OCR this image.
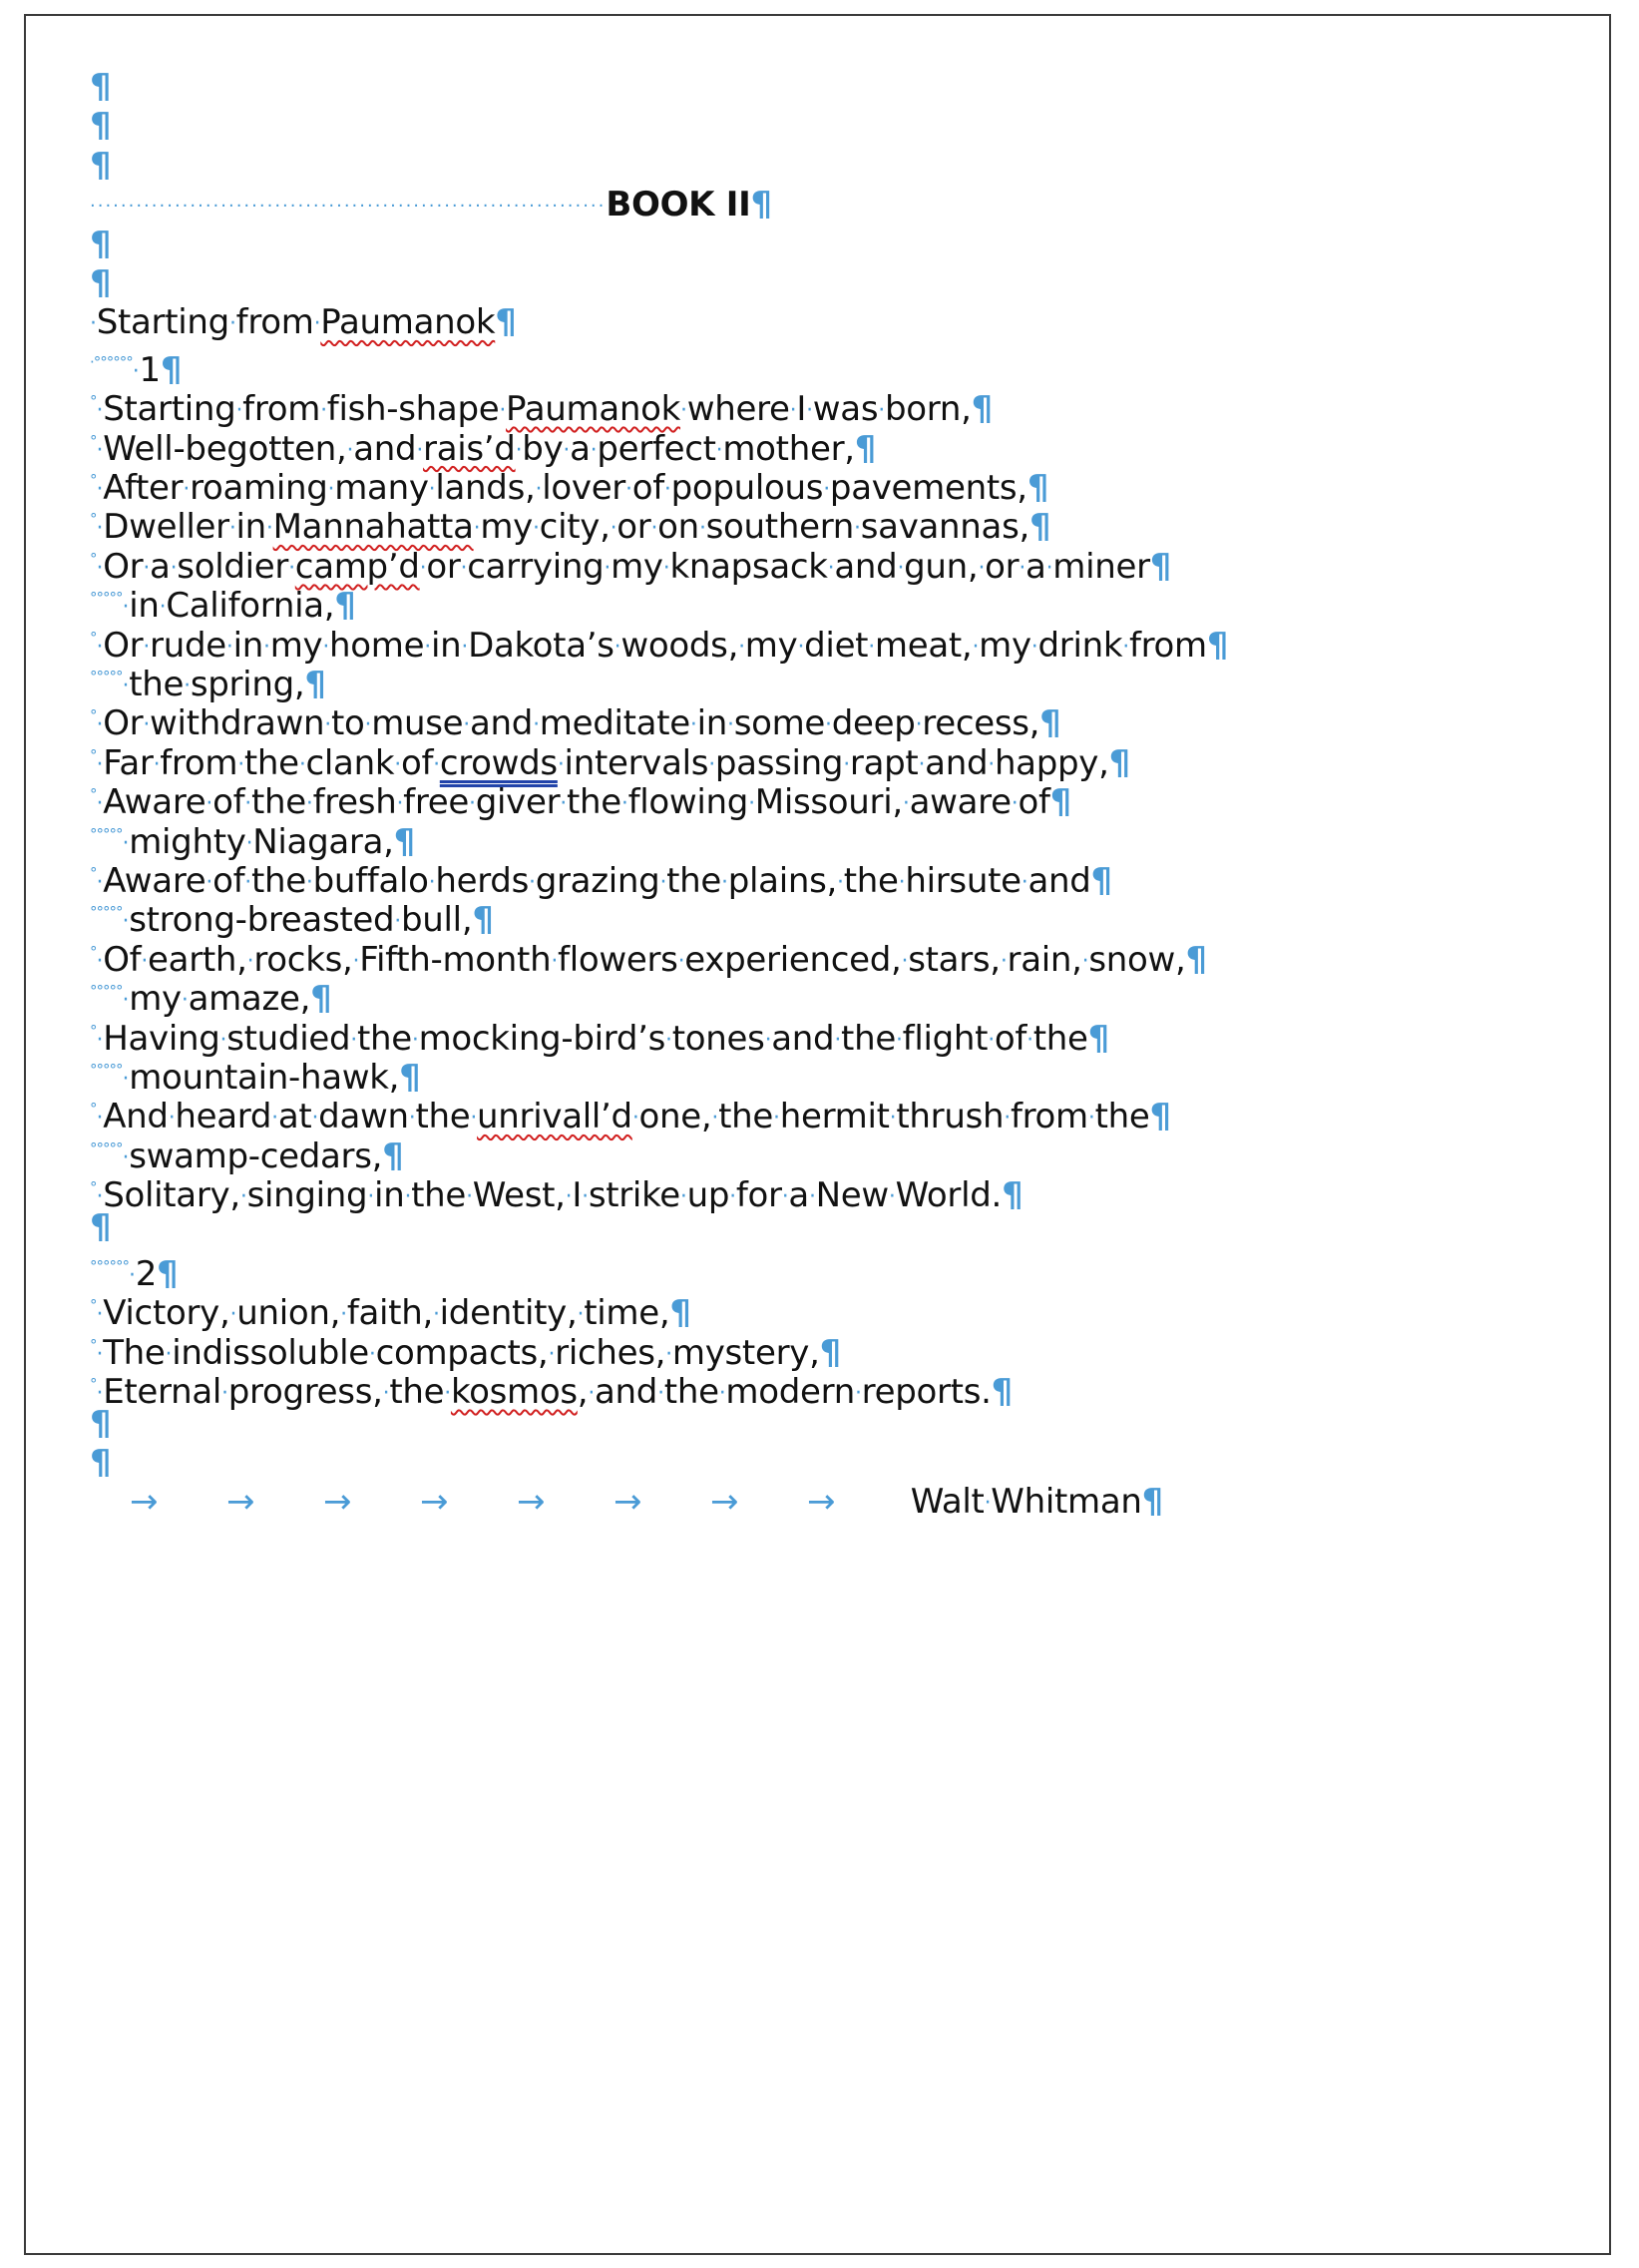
¶
¶
¶
···································································BOOK II¶
¶
¶
·Starting·from·Paumanok¶
·°°°°°°·1¶
°·Starting·from·fish-shape·Paumanok·where·I·was·born,¶
°·Well-begotten,·and·rais’d·by·a·perfect·mother,¶
°·After·roaming·many·lands,·lover·of·populous·pavements,¶
°·Dweller·in·Mannahatta·my·city,·or·on·southern·savannas,¶
°·Or·a·soldier·camp’d·or·carrying·my·knapsack·and·gun,·or·a·miner¶
°°°°°·in·California,¶
°·Or·rude·in·my·home·in·Dakota’s·woods,·my·diet·meat,·my·drink·from¶
°°°°°·the·spring,¶
°·Or·withdrawn·to·muse·and·meditate·in·some·deep·recess,¶
°·Far·from·the·clank·of·crowds·intervals·passing·rapt·and·happy,¶
°·Aware·of·the·fresh·free·giver·the·flowing·Missouri,·aware·of¶
°°°°°·mighty·Niagara,¶
°·Aware·of·the·buffalo·herds·grazing·the·plains,·the·hirsute·and¶
°°°°°·strong-breasted·bull,¶
°·Of·earth,·rocks,·Fifth-month·flowers·experienced,·stars,·rain,·snow,¶
°°°°°·my·amaze,¶
°·Having·studied·the·mocking-bird’s·tones·and·the·flight·of·the¶
°°°°°·mountain-hawk,¶
°·And·heard·at·dawn·the·unrivall’d·one,·the·hermit·thrush·from·the¶
°°°°°·swamp-cedars,¶
°·Solitary,·singing·in·the·West,·I·strike·up·for·a·New·World.¶
¶
°°°°°°·2¶
°·Victory,·union,·faith,·identity,·time,¶
°·The·indissoluble·compacts,·riches,·mystery,¶
°·Eternal·progress,·the·kosmos,·and·the·modern·reports.¶
¶
¶
→ → → → → → → → Walt·Whitman¶
